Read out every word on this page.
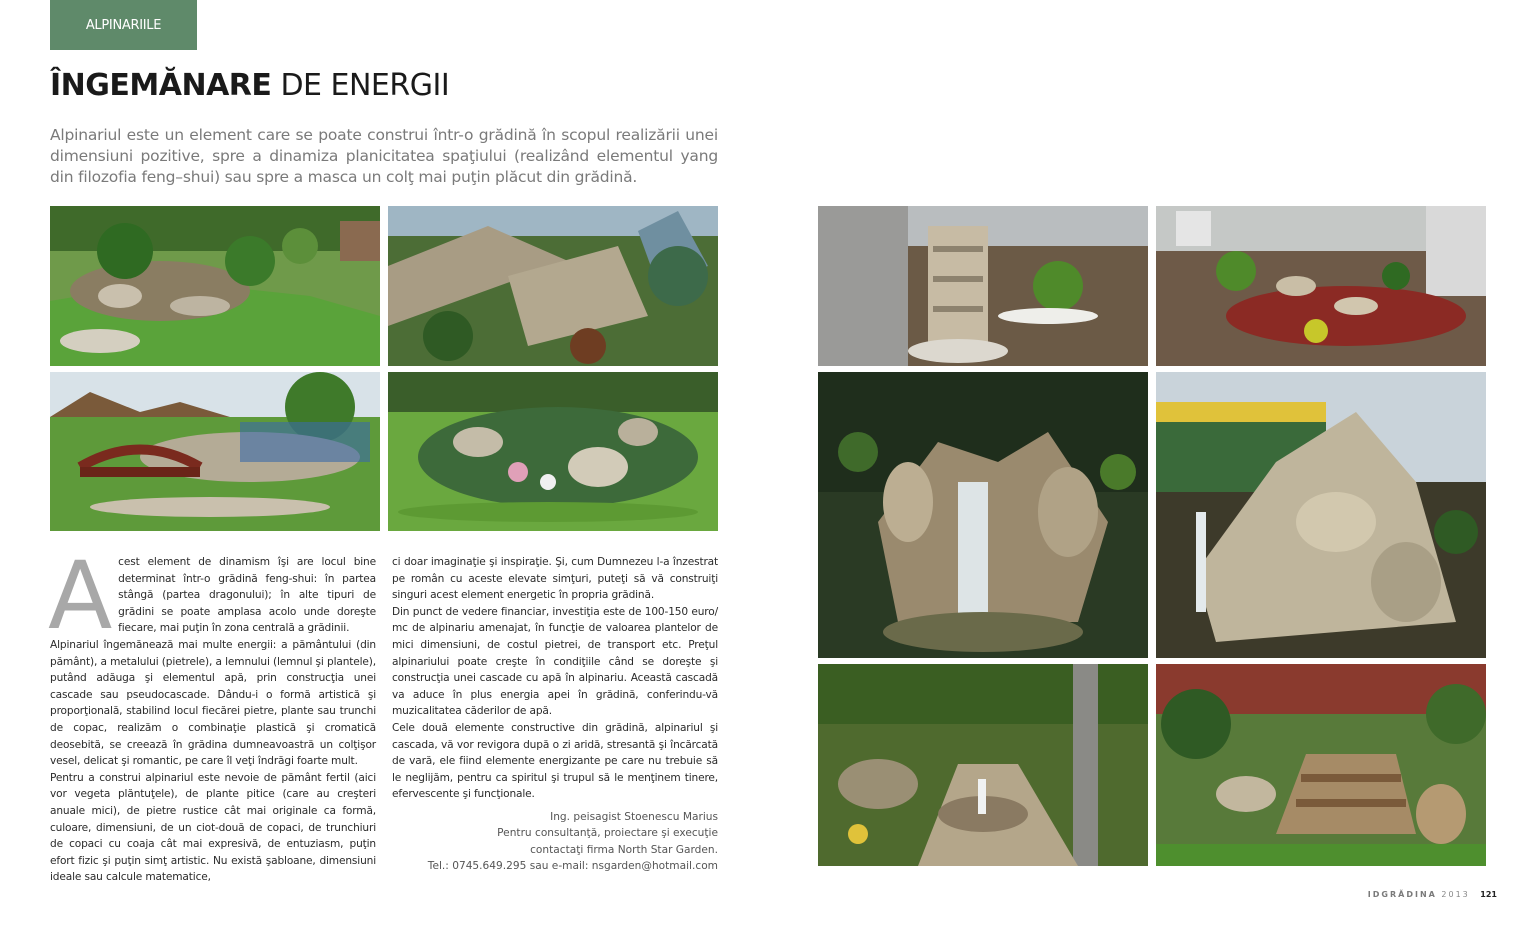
ALPINARIILE
ÎNGEMĂNARE DE ENERGII

Alpinariul este un element care se poate construi într-o grădină în scopul realizării unei dimensiuni pozitive, spre a dinamiza planicitatea spaţiului (realizând elementul yang din filozofia feng–shui) sau spre a masca un colţ mai puţin plăcut din grădină.

A cest element de dinamism îşi are locul bine determinat într-o grădină feng-shui: în partea stângă (partea dragonului); în alte tipuri de grădini se poate amplasa acolo unde doreşte fiecare, mai puţin în zona centrală a grădinii.

Alpinariul îngemănează mai multe energii: a pământului (din pământ), a metalului (pietrele), a lemnului (lemnul şi plantele), putând adăuga şi elementul apă, prin construcţia unei cascade sau pseudocascade. Dându-i o formă artistică şi proporţională, stabilind locul fiecărei pietre, plante sau trunchi de copac, realizăm o combinaţie plastică şi cromatică deosebită, se creează în grădina dumneavoastră un colţişor vesel, delicat şi romantic, pe care îl veţi îndrăgi foarte mult.

Pentru a construi alpinariul este nevoie de pământ fertil (aici vor vegeta plăntuţele), de plante pitice (care au creşteri anuale mici), de pietre rustice cât mai originale ca formă, culoare, dimensiuni, de un ciot-două de copaci, de trunchiuri de copaci cu coaja cât mai expresivă, de entuziasm, puţin efort fizic şi puţin simţ artistic. Nu există şabloane, dimensiuni ideale sau calcule matematice,

ci doar imaginaţie şi inspiraţie. Şi, cum Dumnezeu l-a înzestrat pe român cu aceste elevate simţuri, puteţi să vă construiţi singuri acest element energetic în propria grădină.

Din punct de vedere financiar, investiţia este de 100-150 euro/ mc de alpinariu amenajat, în funcţie de valoarea plantelor de mici dimensiuni, de costul pietrei, de transport etc. Preţul alpinariului poate creşte în condiţiile când se doreşte şi construcţia unei cascade cu apă în alpinariu. Această cascadă va aduce în plus energia apei în grădină, conferindu-vă muzicalitatea căderilor de apă.

Cele două elemente constructive din grădină, alpinariul şi cascada, vă vor revigora după o zi aridă, stresantă şi încărcată de vară, ele fiind elemente energizante pe care nu trebuie să le neglijăm, pentru ca spiritul şi trupul să le menţinem tinere, efervescente şi funcţionale.

Ing. peisagist Stoenescu Marius
Pentru consultanţă, proiectare şi execuţie
contactaţi firma North Star Garden.
Tel.: 0745.649.295 sau e-mail: nsgarden@hotmail.com
IDGRĂDINA 2013 121
